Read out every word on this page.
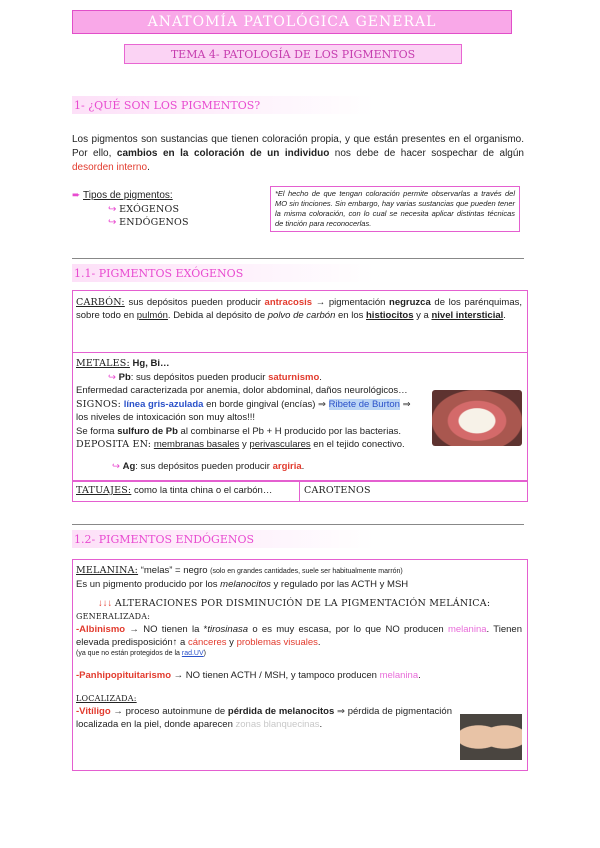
ANATOMÍA PATOLÓGICA GENERAL
TEMA 4- PATOLOGÍA DE LOS PIGMENTOS
1- ¿QUÉ SON LOS PIGMENTOS?
Los pigmentos son sustancias que tienen coloración propia, y que están presentes en el organismo. Por ello, cambios en la coloración de un individuo nos debe de hacer sospechar de algún desorden interno.
➨ Tipos de pigmentos:
↪ EXÓGENOS
↪ ENDÓGENOS
*El hecho de que tengan coloración permite observarlas a través del MO sin tinciones. Sin embargo, hay varias sustancias que pueden tener la misma coloración, con lo cual se necesita aplicar distintas técnicas de tinción para reconocerlas.
1.1- PIGMENTOS EXÓGENOS
CARBÓN: sus depósitos pueden producir antracosis → pigmentación negruzca de los parénquimas, sobre todo en pulmón. Debida al depósito de polvo de carbón en los histiocitos y a nivel intersticial.
METALES: Hg, Bi…
↪ Pb: sus depósitos pueden producir saturnismo.
Enfermedad caracterizada por anemia, dolor abdominal, daños neurológicos…
SIGNOS: línea gris-azulada en borde gingival (encías) ⇒ Ribete de Burton ⇒
los niveles de intoxicación son muy altos!!!
Se forma sulfuro de Pb al combinarse el Pb + H producido por las bacterias.
DEPOSITA EN: membranas basales y perivasculares en el tejido conectivo.
↪ Ag: sus depósitos pueden producir argiria.
TATUAJES: como la tinta china o el carbón…	CAROTENOS
1.2- PIGMENTOS ENDÓGENOS
MELANINA: “melas” = negro (solo en grandes cantidades, suele ser habitualmente marrón)
Es un pigmento producido por los melanocitos y regulado por las ACTH y MSH
↓↓↓ ALTERACIONES POR DISMINUCIÓN DE LA PIGMENTACIÓN MELÁNICA:
GENERALIZADA:
-Albinismo → NO tienen la *tirosinasa o es muy escasa, por lo que NO producen melanina. Tienen elevada predisposición↑ a cánceres y problemas visuales.
(ya que no están protegidos de la rad.UV)
-Panhipopituitarismo → NO tienen ACTH / MSH, y tampoco producen melanina.
LOCALIZADA:
-Vitíligo → proceso autoinmune de pérdida de melanocitos ⇒ pérdida de pigmentación localizada en la piel, donde aparecen zonas blanquecinas.
